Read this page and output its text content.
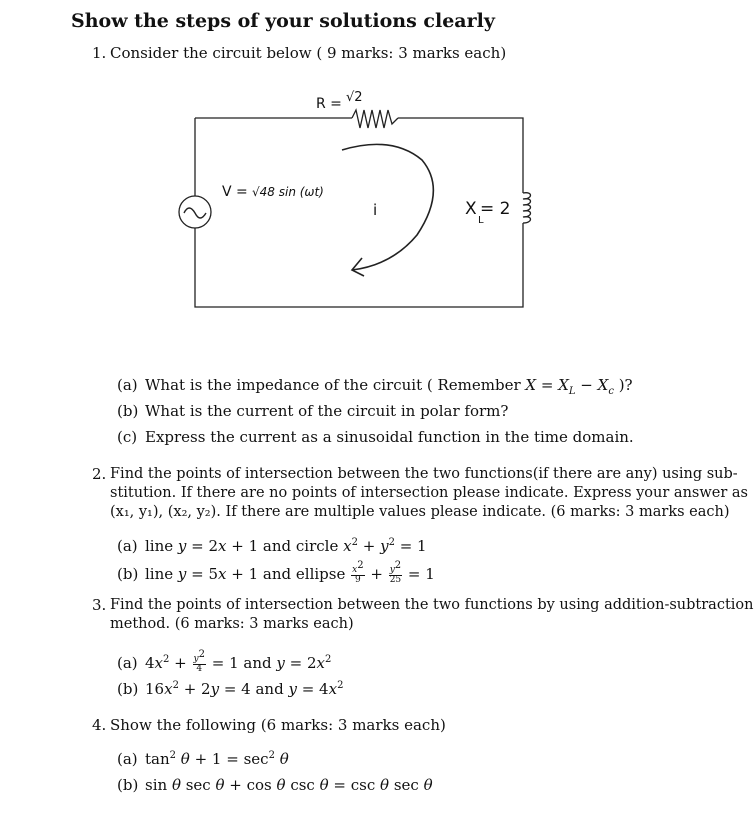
Show the steps of your solutions clearly
1. Consider the circuit below ( 9 marks: 3 marks each)
R = √2
V = √48 sin (ωt)
i	X
L
= 2
(a) What is the impedance of the circuit ( Remember $X = X_L - X_c$ )?
(b) What is the current of the circuit in polar form?
(c) Express the current as a sinusoidal function in the time domain.
2. Find the points of intersection between the two functions(if there are any) using sub-
stitution. If there are no points of intersection please indicate. Express your answer as
(x₁, y₁), (x₂, y₂). If there are multiple values please indicate. (6 marks: 3 marks each)
(a) line y = 2x + 1 and circle $x^2 + y^2 = 1$
(b) line y = 5x + 1 and ellipse $\frac{x^2}{9} + \frac{y^2}{25} = 1$
3. Find the points of intersection between the two functions by using addition-subtraction
method. (6 marks: 3 marks each)
(a) $4x^2 + \frac{y^2}{4} = 1$ and $y = 2x^2$
(b) $16x^2 + 2y = 4$ and $y = 4x^2$
4. Show the following (6 marks: 3 marks each)
(a) $\tan^2 \theta + 1 = \sec^2 \theta$
(b) sin θ sec θ + cos θ csc θ = csc θ sec θ
